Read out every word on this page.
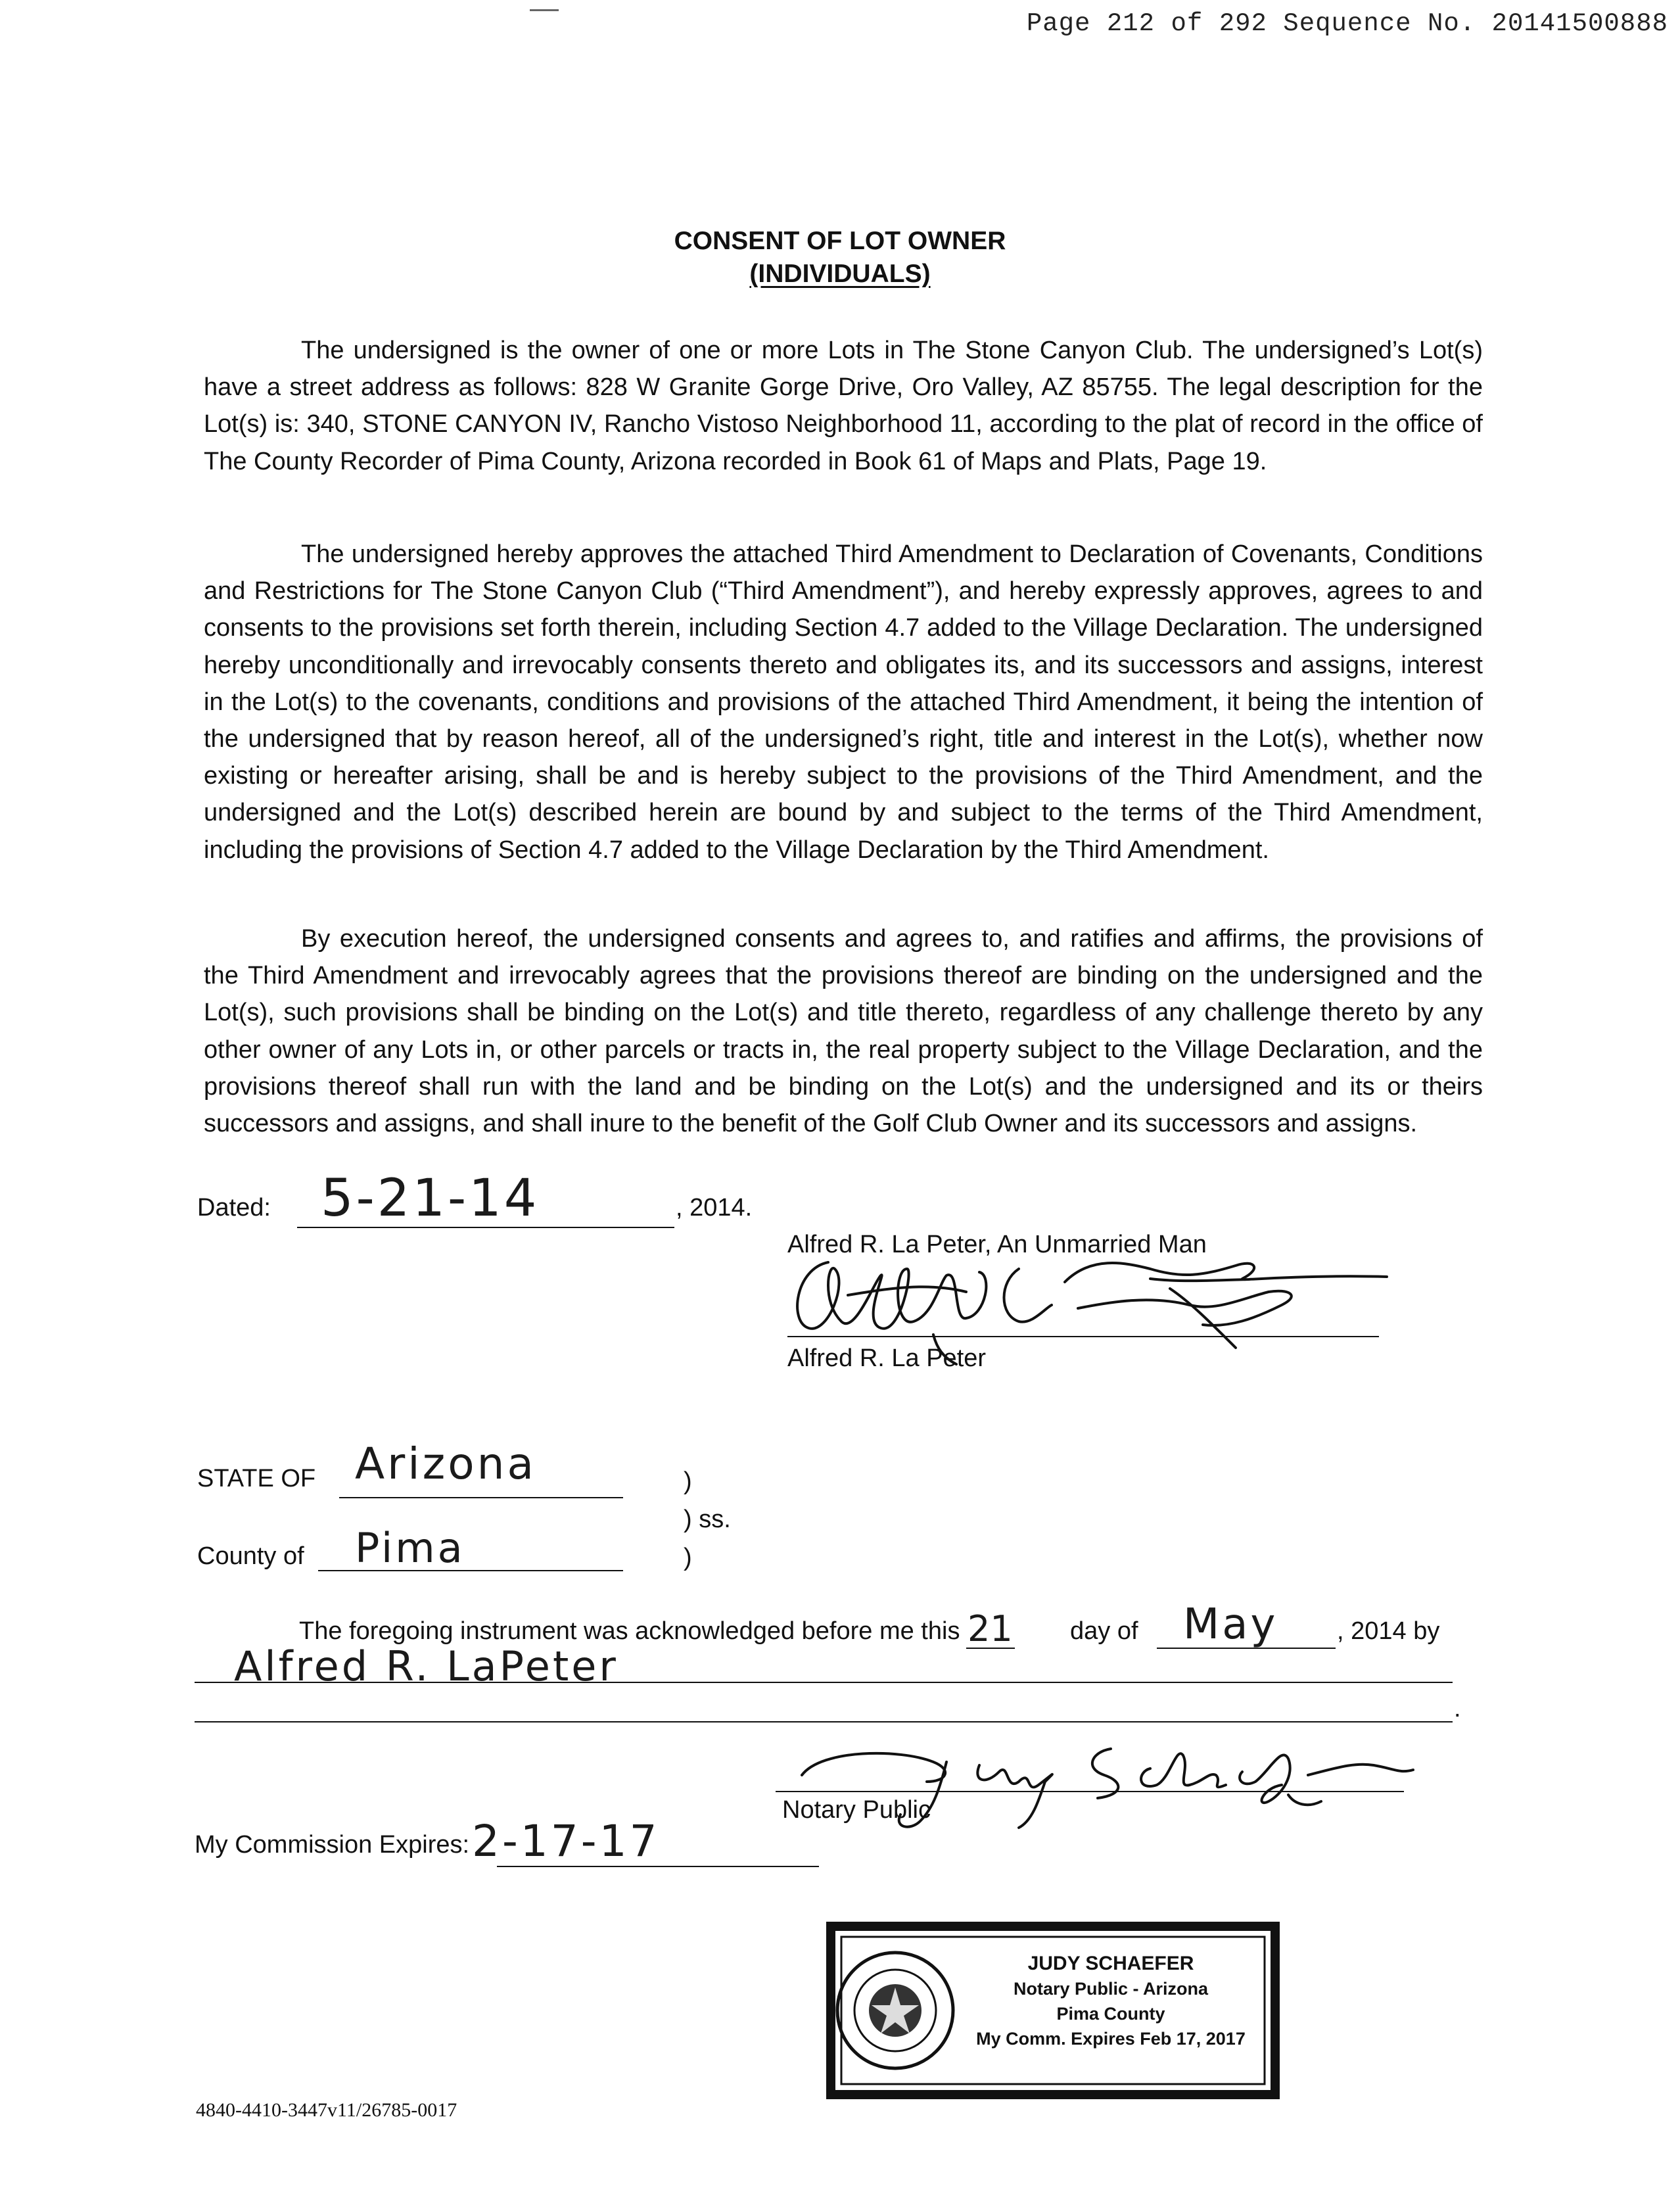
Page 212 of 292 Sequence No. 20141500888
CONSENT OF LOT OWNER
(INDIVIDUALS)

The undersigned is the owner of one or more Lots in The Stone Canyon Club. The undersigned’s Lot(s) have a street address as follows: 828 W Granite Gorge Drive, Oro Valley, AZ 85755. The legal description for the Lot(s) is: 340, STONE CANYON IV, Rancho Vistoso Neighborhood 11, according to the plat of record in the office of The County Recorder of Pima County, Arizona recorded in Book 61 of Maps and Plats, Page 19.

The undersigned hereby approves the attached Third Amendment to Declaration of Covenants, Conditions and Restrictions for The Stone Canyon Club (“Third Amendment”), and hereby expressly approves, agrees to and consents to the provisions set forth therein, including Section 4.7 added to the Village Declaration. The undersigned hereby unconditionally and irrevocably consents thereto and obligates its, and its successors and assigns, interest in the Lot(s) to the covenants, conditions and provisions of the attached Third Amendment, it being the intention of the undersigned that by reason hereof, all of the undersigned’s right, title and interest in the Lot(s), whether now existing or hereafter arising, shall be and is hereby subject to the provisions of the Third Amendment, and the undersigned and the Lot(s) described herein are bound by and subject to the terms of the Third Amendment, including the provisions of Section 4.7 added to the Village Declaration by the Third Amendment.

By execution hereof, the undersigned consents and agrees to, and ratifies and affirms, the provisions of the Third Amendment and irrevocably agrees that the provisions thereof are binding on the undersigned and the Lot(s), such provisions shall be binding on the Lot(s) and title thereto, regardless of any challenge thereto by any other owner of any Lots in, or other parcels or tracts in, the real property subject to the Village Declaration, and the provisions thereof shall run with the land and be binding on the Lot(s) and the undersigned and its or theirs successors and assigns, and shall inure to the benefit of the Golf Club Owner and its successors and assigns.

Dated: 5-21-14	, 2014.
Alfred R. La Peter, An Unmarried Man
Alfred R. La Peter
STATE OF Arizona	)
) ss.
)
County of Pima
The foregoing instrument was acknowledged before me this 21 day of May , 2014 by
Alfred R. LaPeter
.
Notary Public
My Commission Expires: 2-17-17
JUDY SCHAEFER
Notary Public - Arizona
Pima County
My Comm. Expires Feb 17, 2017
4840-4410-3447v11/26785-0017
